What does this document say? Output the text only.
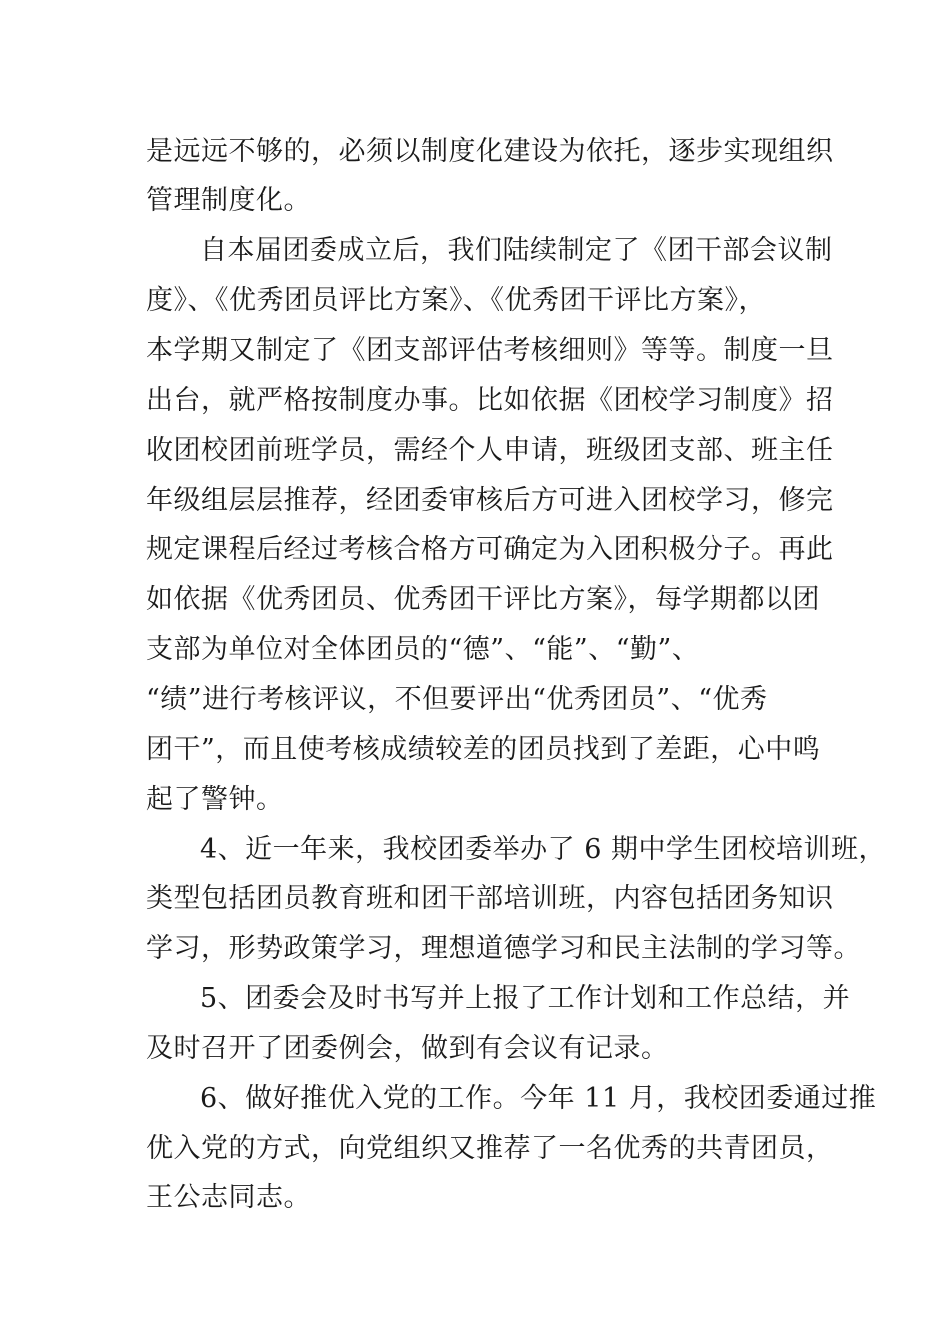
是远远不够的，必须以制度化建设为依托，逐步实现组织
管理制度化。
自本届团委成立后，我们陆续制定了《团干部会议制
度》、《优秀团员评比方案》、《优秀团干评比方案》，
本学期又制定了《团支部评估考核细则》等等。制度一旦
出台，就严格按制度办事。比如依据《团校学习制度》招
收团校团前班学员，需经个人申请，班级团支部、班主任
年级组层层推荐，经团委审核后方可进入团校学习，修完
规定课程后经过考核合格方可确定为入团积极分子。再此
如依据《优秀团员、优秀团干评比方案》，每学期都以团
支部为单位对全体团员的“德”、“能”、“勤”、
“绩”进行考核评议，不但要评出“优秀团员”、“优秀
团干”，而且使考核成绩较差的团员找到了差距，心中鸣
起了警钟。
4、近一年来，我校团委举办了 6 期中学生团校培训班，
类型包括团员教育班和团干部培训班，内容包括团务知识
学习，形势政策学习，理想道德学习和民主法制的学习等。
5、团委会及时书写并上报了工作计划和工作总结，并
及时召开了团委例会，做到有会议有记录。
6、做好推优入党的工作。今年 11 月，我校团委通过推
优入党的方式，向党组织又推荐了一名优秀的共青团员，
王公志同志。
